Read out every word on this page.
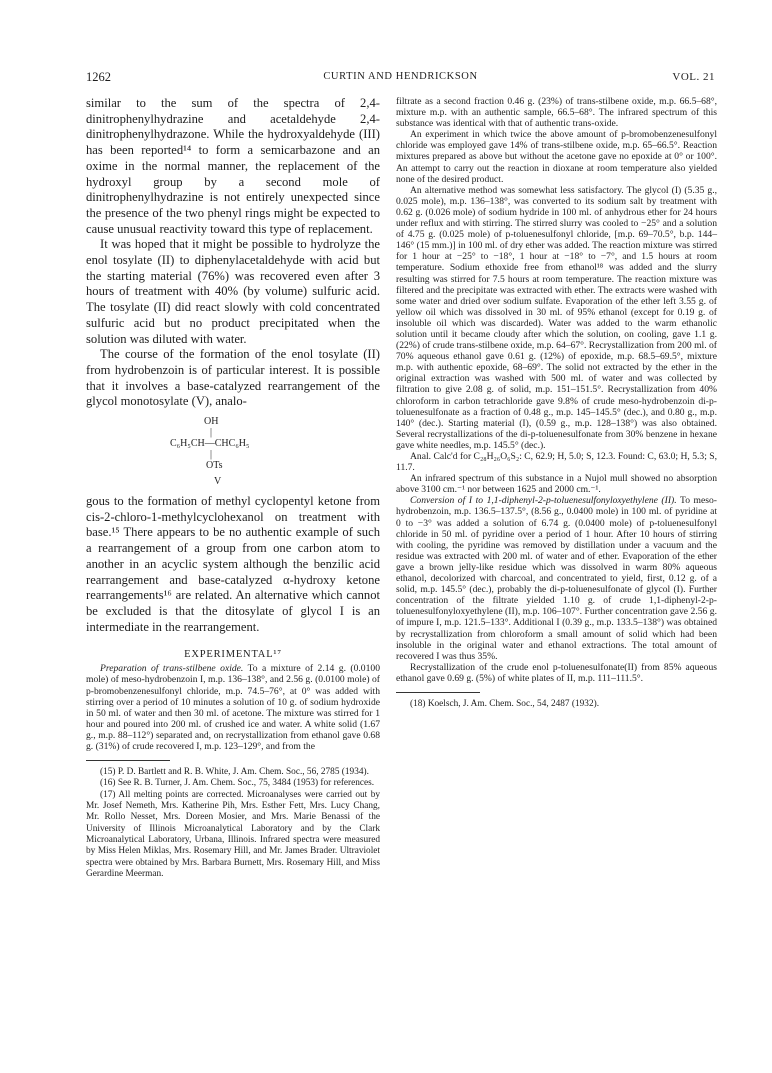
1262	CURTIN AND HENDRICKSON	VOL. 21

similar to the sum of the spectra of 2,4-dinitrophenylhydrazine and acetaldehyde 2,4-dinitrophenylhydrazone. While the hydroxyaldehyde (III) has been reported¹⁴ to form a semicarbazone and an oxime in the normal manner, the replacement of the hydroxyl group by a second mole of dinitrophenylhydrazine is not entirely unexpected since the presence of the two phenyl rings might be expected to cause unusual reactivity toward this type of replacement.

It was hoped that it might be possible to hydrolyze the enol tosylate (II) to diphenylacetaldehyde with acid but the starting material (76%) was recovered even after 3 hours of treatment with 40% (by volume) sulfuric acid. The tosylate (II) did react slowly with cold concentrated sulfuric acid but no product precipitated when the solution was diluted with water.

The course of the formation of the enol tosylate (II) from hydrobenzoin is of particular interest. It is possible that it involves a base-catalyzed rearrangement of the glycol monotosylate (V), analo-

OH
|
C₆H₅CH—CHC₆H₅
|
OTs
V

gous to the formation of methyl cyclopentyl ketone from cis-2-chloro-1-methylcyclohexanol on treatment with base.¹⁵ There appears to be no authentic example of such a rearrangement of a group from one carbon atom to another in an acyclic system although the benzilic acid rearrangement and base-catalyzed α-hydroxy ketone rearrangements¹⁶ are related. An alternative which cannot be excluded is that the ditosylate of glycol I is an intermediate in the rearrangement.

EXPERIMENTAL¹⁷

Preparation of trans-stilbene oxide. To a mixture of 2.14 g. (0.0100 mole) of meso-hydrobenzoin I, m.p. 136–138°, and 2.56 g. (0.0100 mole) of p-bromobenzenesulfonyl chloride, m.p. 74.5–76°, at 0° was added with stirring over a period of 10 minutes a solution of 10 g. of sodium hydroxide in 50 ml. of water and then 30 ml. of acetone. The mixture was stirred for 1 hour and poured into 200 ml. of crushed ice and water. A white solid (1.67 g., m.p. 88–112°) separated and, on recrystallization from ethanol gave 0.68 g. (31%) of crude recovered I, m.p. 123–129°, and from the

(15) P. D. Bartlett and R. B. White, J. Am. Chem. Soc., 56, 2785 (1934).

(16) See R. B. Turner, J. Am. Chem. Soc., 75, 3484 (1953) for references.

(17) All melting points are corrected. Microanalyses were carried out by Mr. Josef Nemeth, Mrs. Katherine Pih, Mrs. Esther Fett, Mrs. Lucy Chang, Mr. Rollo Nesset, Mrs. Doreen Mosier, and Mrs. Marie Benassi of the University of Illinois Microanalytical Laboratory and by the Clark Microanalytical Laboratory, Urbana, Illinois. Infrared spectra were measured by Miss Helen Miklas, Mrs. Rosemary Hill, and Mr. James Brader. Ultraviolet spectra were obtained by Mrs. Barbara Burnett, Mrs. Rosemary Hill, and Miss Gerardine Meerman.

filtrate as a second fraction 0.46 g. (23%) of trans-stilbene oxide, m.p. 66.5–68°, mixture m.p. with an authentic sample, 66.5–68°. The infrared spectrum of this substance was identical with that of authentic trans-oxide.

An experiment in which twice the above amount of p-bromobenzenesulfonyl chloride was employed gave 14% of trans-stilbene oxide, m.p. 65–66.5°. Reaction mixtures prepared as above but without the acetone gave no epoxide at 0° or 100°. An attempt to carry out the reaction in dioxane at room temperature also yielded none of the desired product.

An alternative method was somewhat less satisfactory. The glycol (I) (5.35 g., 0.025 mole), m.p. 136–138°, was converted to its sodium salt by treatment with 0.62 g. (0.026 mole) of sodium hydride in 100 ml. of anhydrous ether for 24 hours under reflux and with stirring. The stirred slurry was cooled to −25° and a solution of 4.75 g. (0.025 mole) of p-toluenesulfonyl chloride, [m.p. 69–70.5°, b.p. 144–146° (15 mm.)] in 100 ml. of dry ether was added. The reaction mixture was stirred for 1 hour at −25° to −18°, 1 hour at −18° to −7°, and 1.5 hours at room temperature. Sodium ethoxide free from ethanol¹⁸ was added and the slurry resulting was stirred for 7.5 hours at room temperature. The reaction mixture was filtered and the precipitate was extracted with ether. The extracts were washed with some water and dried over sodium sulfate. Evaporation of the ether left 3.55 g. of yellow oil which was dissolved in 30 ml. of 95% ethanol (except for 0.19 g. of insoluble oil which was discarded). Water was added to the warm ethanolic solution until it became cloudy after which the solution, on cooling, gave 1.1 g. (22%) of crude trans-stilbene oxide, m.p. 64–67°. Recrystallization from 200 ml. of 70% aqueous ethanol gave 0.61 g. (12%) of epoxide, m.p. 68.5–69.5°, mixture m.p. with authentic epoxide, 68–69°. The solid not extracted by the ether in the original extraction was washed with 500 ml. of water and was collected by filtration to give 2.08 g. of solid, m.p. 151–151.5°. Recrystallization from 40% chloroform in carbon tetrachloride gave 9.8% of crude meso-hydrobenzoin di-p-toluenesulfonate as a fraction of 0.48 g., m.p. 145–145.5° (dec.), and 0.80 g., m.p. 140° (dec.). Starting material (I), (0.59 g., m.p. 128–138°) was also obtained. Several recrystallizations of the di-p-toluenesulfonate from 30% benzene in hexane gave white needles, m.p. 145.5° (dec.).

Anal. Calc'd for C₂₈H₂₆O₆S₂: C, 62.9; H, 5.0; S, 12.3. Found: C, 63.0; H, 5.3; S, 11.7.

An infrared spectrum of this substance in a Nujol mull showed no absorption above 3100 cm.⁻¹ nor between 1625 and 2000 cm.⁻¹.

Conversion of I to 1,1-diphenyl-2-p-toluenesulfonyloxyethylene (II). To meso-hydrobenzoin, m.p. 136.5–137.5°, (8.56 g., 0.0400 mole) in 100 ml. of pyridine at 0 to −3° was added a solution of 6.74 g. (0.0400 mole) of p-toluenesulfonyl chloride in 50 ml. of pyridine over a period of 1 hour. After 10 hours of stirring with cooling, the pyridine was removed by distillation under a vacuum and the residue was extracted with 200 ml. of water and of ether. Evaporation of the ether gave a brown jelly-like residue which was dissolved in warm 80% aqueous ethanol, decolorized with charcoal, and concentrated to yield, first, 0.12 g. of a solid, m.p. 145.5° (dec.), probably the di-p-toluenesulfonate of glycol (I). Further concentration of the filtrate yielded 1.10 g. of crude 1,1-diphenyl-2-p-toluenesulfonyloxyethylene (II), m.p. 106–107°. Further concentration gave 2.56 g. of impure I, m.p. 121.5–133°. Additional I (0.39 g., m.p. 133.5–138°) was obtained by recrystallization from chloroform a small amount of solid which had been insoluble in the original water and ethanol extractions. The total amount of recovered I was thus 35%.

Recrystallization of the crude enol p-toluenesulfonate(II) from 85% aqueous ethanol gave 0.69 g. (5%) of white plates of II, m.p. 111–111.5°.

(18) Koelsch, J. Am. Chem. Soc., 54, 2487 (1932).
